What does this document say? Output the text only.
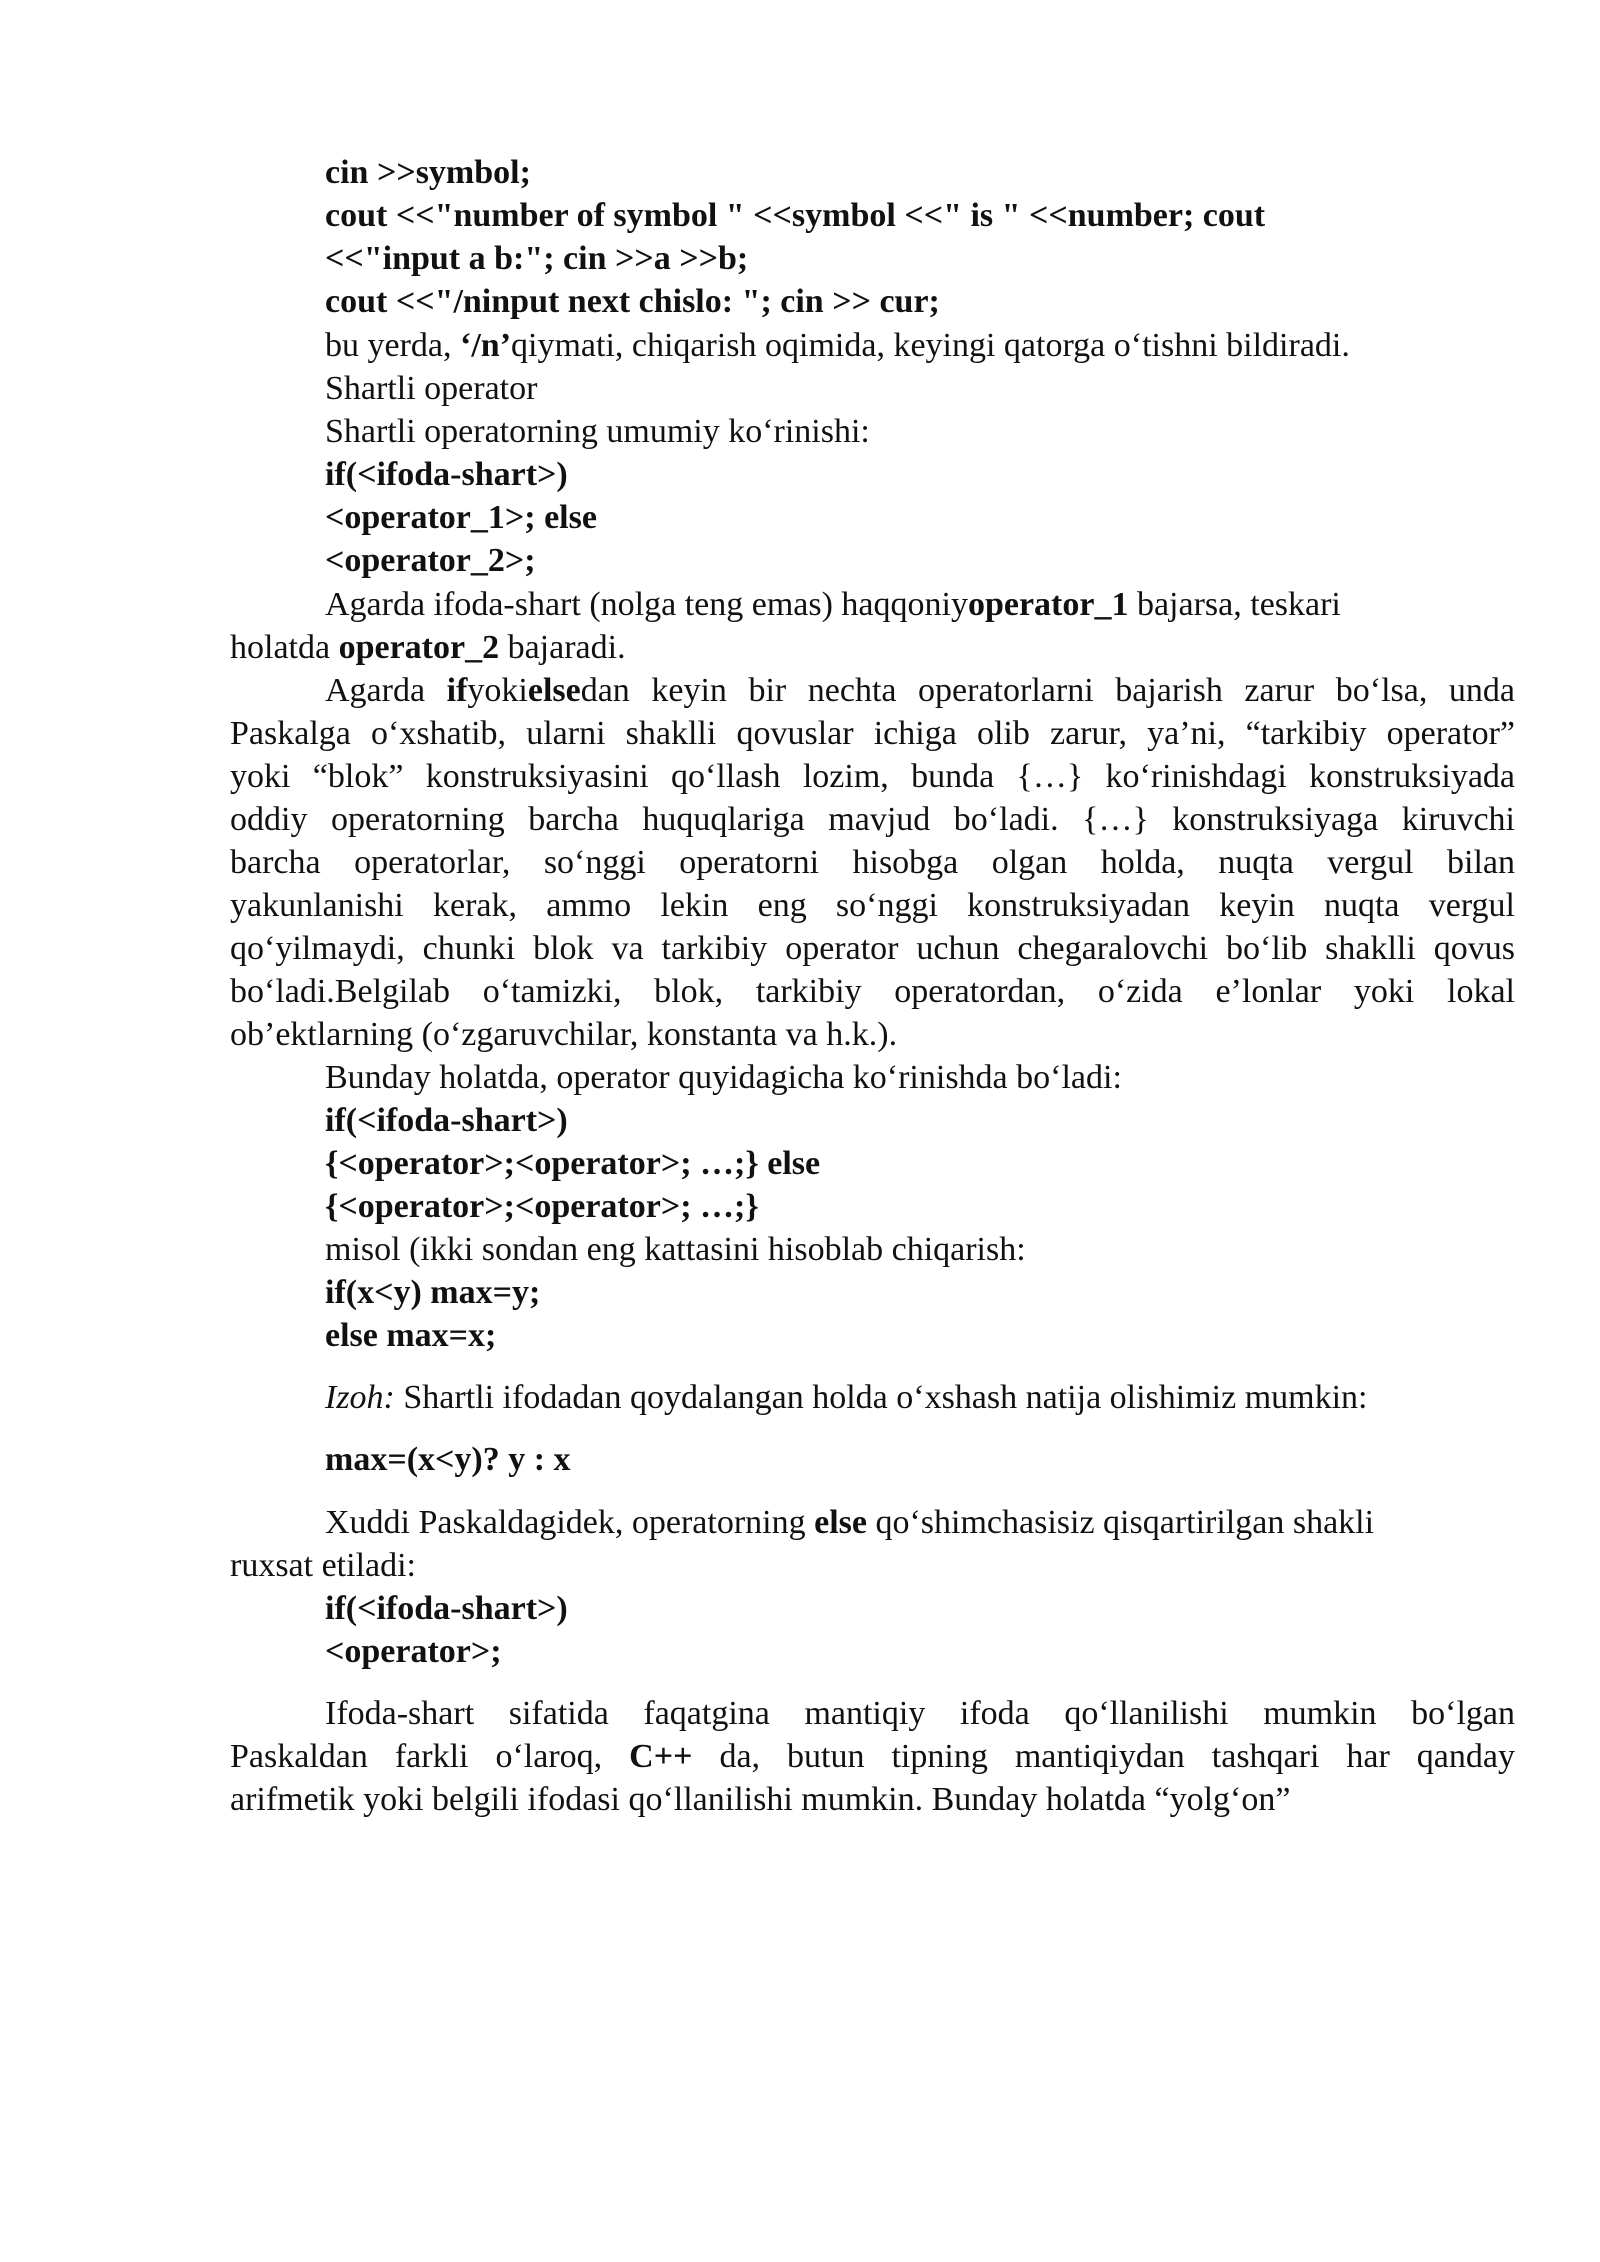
cin >>symbol;
cout <<"number of symbol " <<symbol <<" is " <<number; cout
<<"input a b:"; cin >>a >>b;
cout <<"/ninput next chislo: "; cin >> cur;
bu yerda, ‘/n’qiymati, chiqarish oqimida, keyingi qatorga o‘tishni bildiradi.
Shartli operator
Shartli operatorning umumiy ko‘rinishi:
if(<ifoda-shart>)
<operator_1>; else
<operator_2>;
Agarda ifoda-shart (nolga teng emas) haqqoniyoperator_1 bajarsa, teskari
holatda operator_2 bajaradi.
Agarda ifyokielsedan keyin bir nechta operatorlarni bajarish zarur bo‘lsa, unda
Paskalga o‘xshatib, ularni shaklli qovuslar ichiga olib zarur, ya’ni, “tarkibiy operator”
yoki “blok” konstruksiyasini qo‘llash lozim, bunda {…} ko‘rinishdagi konstruksiyada
oddiy operatorning barcha huquqlariga mavjud bo‘ladi. {…} konstruksiyaga kiruvchi
barcha operatorlar, so‘nggi operatorni hisobga olgan holda, nuqta vergul bilan
yakunlanishi kerak, ammo lekin eng so‘nggi konstruksiyadan keyin nuqta vergul
qo‘yilmaydi, chunki blok va tarkibiy operator uchun chegaralovchi bo‘lib shaklli qovus
bo‘ladi.Belgilab o‘tamizki, blok, tarkibiy operatordan, o‘zida e’lonlar yoki lokal
ob’ektlarning (o‘zgaruvchilar, konstanta va h.k.).
Bunday holatda, operator quyidagicha ko‘rinishda bo‘ladi:
if(<ifoda-shart>)
{<operator>;<operator>; …;} else
{<operator>;<operator>; …;}
misol (ikki sondan eng kattasini hisoblab chiqarish:
if(x<y) max=y;
else max=x;
Izoh: Shartli ifodadan qoydalangan holda o‘xshash natija olishimiz mumkin:
max=(x<y)? y : x
Xuddi Paskaldagidek, operatorning else qo‘shimchasisiz qisqartirilgan shakli
ruxsat etiladi:
if(<ifoda-shart>)
<operator>;
Ifoda-shart sifatida faqatgina mantiqiy ifoda qo‘llanilishi mumkin bo‘lgan
Paskaldan farkli o‘laroq, C++ da, butun tipning mantiqiydan tashqari har qanday
arifmetik yoki belgili ifodasi qo‘llanilishi mumkin. Bunday holatda “yolg‘on”
